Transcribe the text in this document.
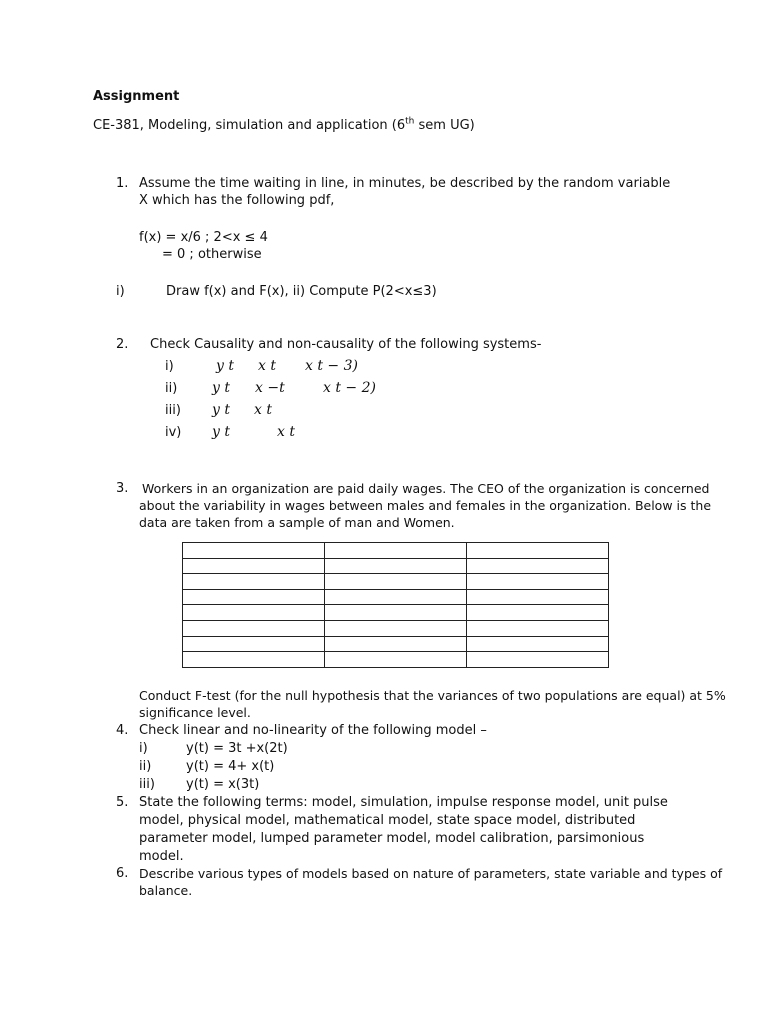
Assignment
CE-381, Modeling, simulation and application (6th sem UG)
1. Assume the time waiting in line, in minutes, be described by the random variable
X which has the following pdf,
f(x) = x/6 ; 2<x ≤ 4
= 0 ; otherwise
i)	Draw f(x) and F(x), ii) Compute P(2<x≤3)
2. Check Causality and non-causality of the following systems-
i)	y t x t x t − 3)
ii) y t x −t	x t − 2)
iii) y t x t
iv) y t	x t
3. Workers in an organization are paid daily wages. The CEO of the organization is concerned
about the variability in wages between males and females in the organization. Below is the
data are taken from a sample of man and Women.

Conduct F-test (for the null hypothesis that the variances of two populations are equal) at 5%
significance level.
4. Check linear and no-linearity of the following model –
i)	y(t) = 3t +x(2t)
ii)	y(t) = 4+ x(t)
iii) y(t) = x(3t)
5. State the following terms: model, simulation, impulse response model, unit pulse
model, physical model, mathematical model, state space model, distributed
parameter model, lumped parameter model, model calibration, parsimonious
model.
6. Describe various types of models based on nature of parameters, state variable and types of
balance.
